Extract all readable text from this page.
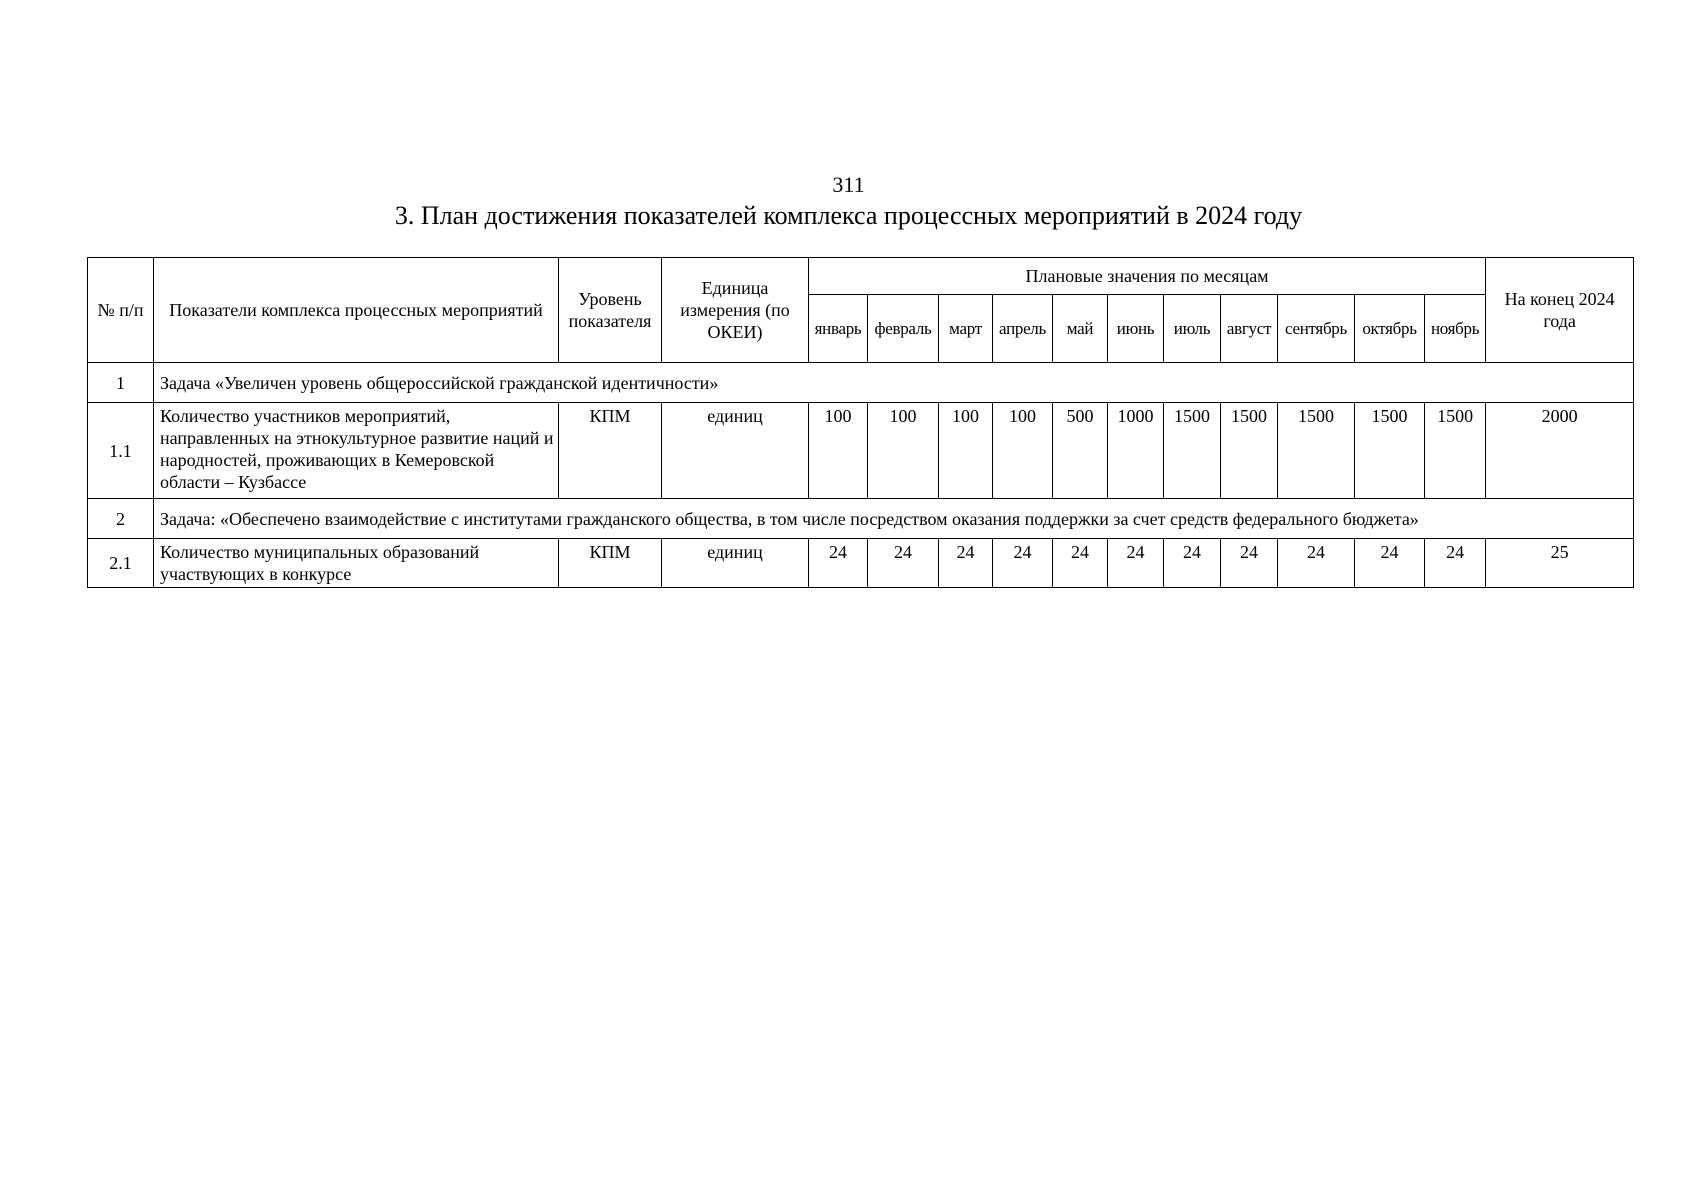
311
3. План достижения показателей комплекса процессных мероприятий в 2024 году
№ п/п	Показатели комплекса процессных мероприятий	Уровень показателя	Единица измерения (по ОКЕИ)	Плановые значения по месяцам											На конец 2024 года
				январь	февраль	март	апрель	май	июнь	июль	август	сентябрь	октябрь	ноябрь	
1	Задача «Увеличен уровень общероссийской гражданской идентичности»														
1.1	Количество участников мероприятий, направленных на этнокультурное развитие наций и народностей, проживающих в Кемеровской области – Кузбассе	КПМ	единиц	100	100	100	100	500	1000	1500	1500	1500	1500	1500	2000
2	Задача: «Обеспечено взаимодействие с институтами гражданского общества, в том числе посредством оказания поддержки за счет средств федерального бюджета»														
2.1	Количество муниципальных образований участвующих в конкурсе	КПМ	единиц	24	24	24	24	24	24	24	24	24	24	24	25
